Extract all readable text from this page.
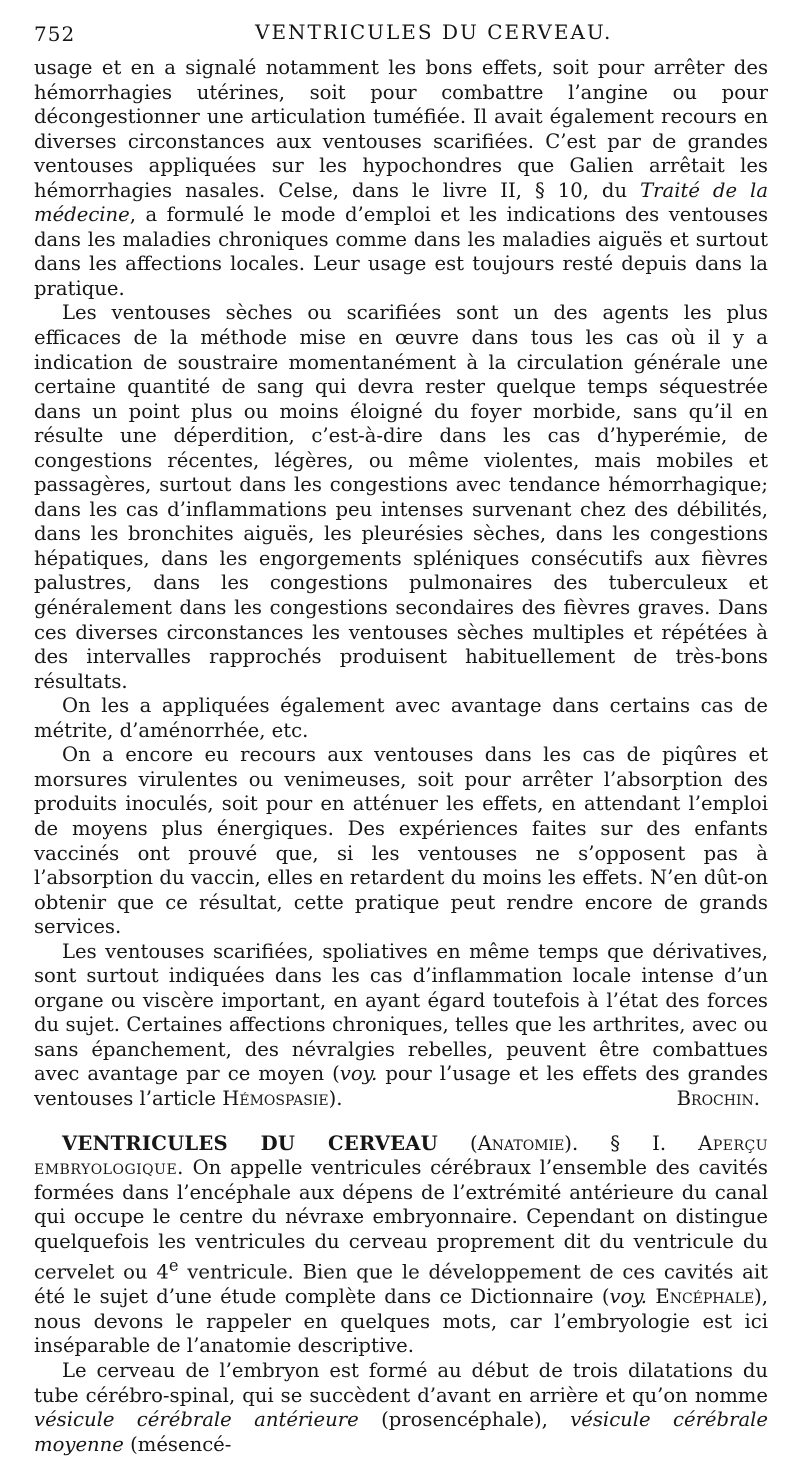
752	VENTRICULES DU CERVEAU.

usage et en a signalé notamment les bons effets, soit pour arrêter des hémorrhagies utérines, soit pour combattre l’angine ou pour décongestionner une articulation tuméfiée. Il avait également recours en diverses circonstances aux ventouses scarifiées. C’est par de grandes ventouses appliquées sur les hypochondres que Galien arrêtait les hémorrhagies nasales. Celse, dans le livre II, § 10, du Traité de la médecine, a formulé le mode d’emploi et les indications des ventouses dans les maladies chroniques comme dans les maladies aiguës et surtout dans les affections locales. Leur usage est toujours resté depuis dans la pratique.

Les ventouses sèches ou scarifiées sont un des agents les plus efficaces de la méthode mise en œuvre dans tous les cas où il y a indication de soustraire momentanément à la circulation générale une certaine quantité de sang qui devra rester quelque temps séquestrée dans un point plus ou moins éloigné du foyer morbide, sans qu’il en résulte une déperdition, c’est-à-dire dans les cas d’hyperémie, de congestions récentes, légères, ou même violentes, mais mobiles et passagères, surtout dans les congestions avec tendance hémorrhagique; dans les cas d’inflammations peu intenses survenant chez des débilités, dans les bronchites aiguës, les pleurésies sèches, dans les congestions hépatiques, dans les engorgements spléniques consécutifs aux fièvres palustres, dans les congestions pulmonaires des tuberculeux et généralement dans les congestions secondaires des fièvres graves. Dans ces diverses circonstances les ventouses sèches multiples et répétées à des intervalles rapprochés produisent habituellement de très-bons résultats.

On les a appliquées également avec avantage dans certains cas de métrite, d’aménorrhée, etc.

On a encore eu recours aux ventouses dans les cas de piqûres et morsures virulentes ou venimeuses, soit pour arrêter l’absorption des produits inoculés, soit pour en atténuer les effets, en attendant l’emploi de moyens plus énergiques. Des expériences faites sur des enfants vaccinés ont prouvé que, si les ventouses ne s’opposent pas à l’absorption du vaccin, elles en retardent du moins les effets. N’en dût-on obtenir que ce résultat, cette pratique peut rendre encore de grands services.

Les ventouses scarifiées, spoliatives en même temps que dérivatives, sont surtout indiquées dans les cas d’inflammation locale intense d’un organe ou viscère important, en ayant égard toutefois à l’état des forces du sujet. Certaines affections chroniques, telles que les arthrites, avec ou sans épanchement, des névralgies rebelles, peuvent être combattues avec avantage par ce moyen (voy. pour l’usage et les effets des grandes ventouses l’article Hémospasie).	Brochin.

VENTRICULES DU CERVEAU (Anatomie). § I. Aperçu embryologique. On appelle ventricules cérébraux l’ensemble des cavités formées dans l’encéphale aux dépens de l’extrémité antérieure du canal qui occupe le centre du névraxe embryonnaire. Cependant on distingue quelquefois les ventricules du cerveau proprement dit du ventricule du cervelet ou 4e ventricule. Bien que le développement de ces cavités ait été le sujet d’une étude complète dans ce Dictionnaire (voy. Encéphale), nous devons le rappeler en quelques mots, car l’embryologie est ici inséparable de l’anatomie descriptive.

Le cerveau de l’embryon est formé au début de trois dilatations du tube cérébro-spinal, qui se succèdent d’avant en arrière et qu’on nomme vésicule cérébrale antérieure (prosencéphale), vésicule cérébrale moyenne (mésencé-
